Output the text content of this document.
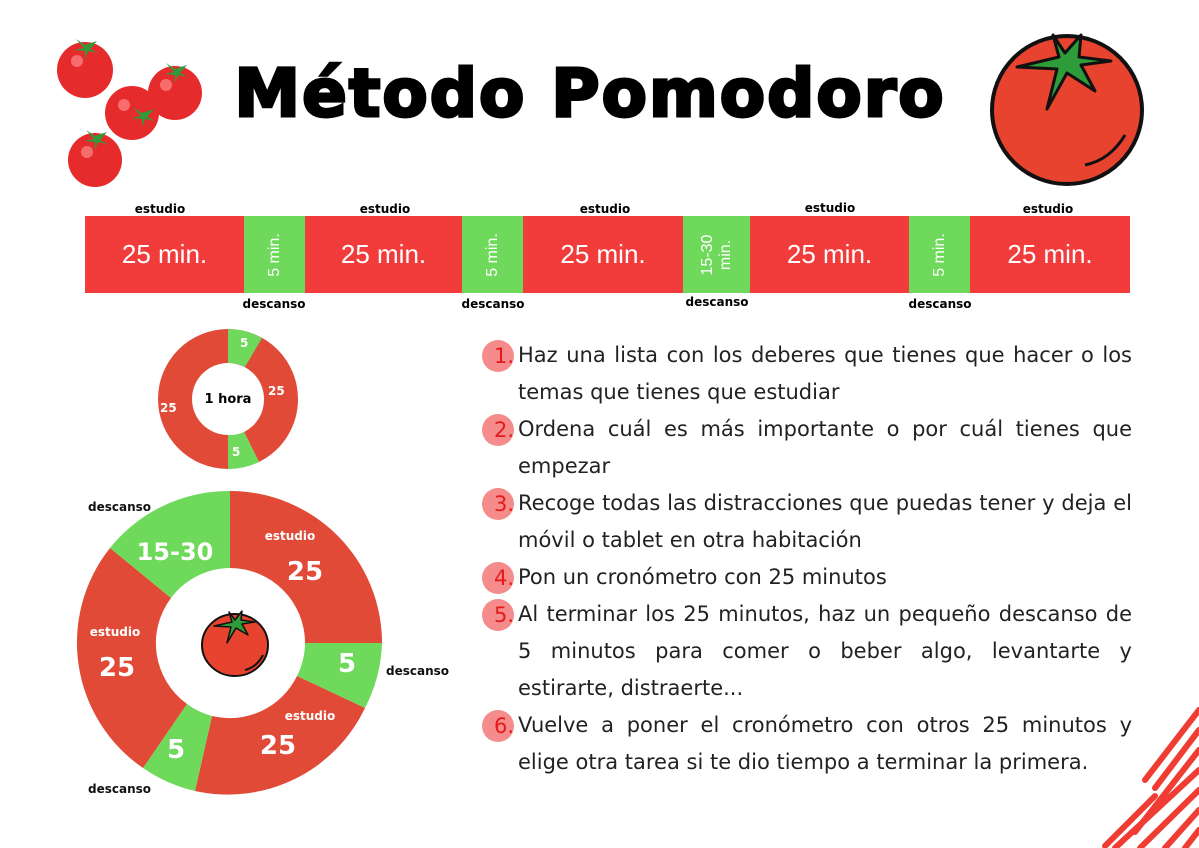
Método Pomodoro
estudio	estudio	estudio	estudio	estudio
25 min.	5 min. 25 min.	5 min. 25 min.	15-30 min. 25 min.	5 min. 25 min.
descanso	descanso	descanso	descanso
5
25
5
25
1 hora
15-30
estudio
25
estudio
25	5
estudio
25
5
descanso
descanso
descanso
1. Haz una lista con los deberes que tienes que hacer o los temas que tienes que estudiar
2. Ordena cuál es más importante o por cuál tienes que empezar
3. Recoge todas las distracciones que puedas tener y deja el móvil o tablet en otra habitación
4. Pon un cronómetro con 25 minutos
5. Al terminar los 25 minutos, haz un pequeño descanso de 5 minutos para comer o beber algo, levantarte y estirarte, distraerte...
6. Vuelve a poner el cronómetro con otros 25 minutos y elige otra tarea si te dio tiempo a terminar la primera.
